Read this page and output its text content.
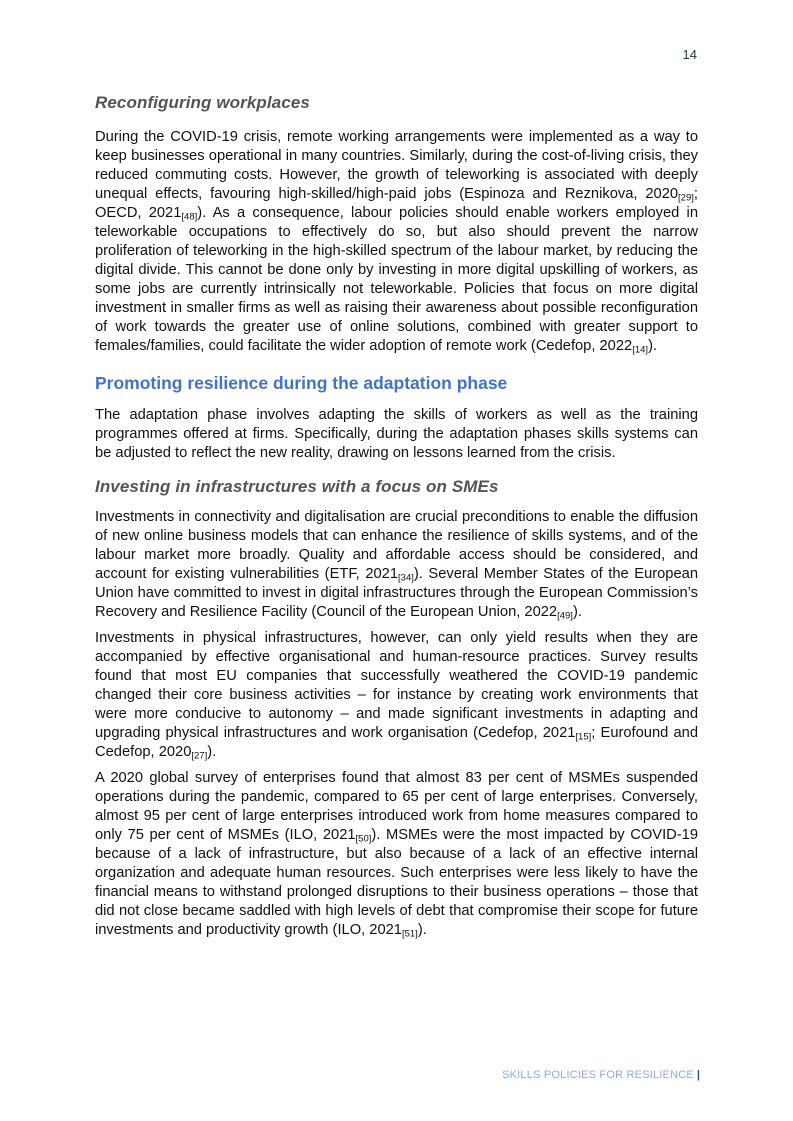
14
Reconfiguring workplaces

During the COVID-19 crisis, remote working arrangements were implemented as a way to keep businesses operational in many countries. Similarly, during the cost-of-living crisis, they reduced commuting costs. However, the growth of teleworking is associated with deeply unequal effects, favouring high-skilled/high-paid jobs (Espinoza and Reznikova, $2020_{[29]}$; OECD, $2021_{[48]}$). As a consequence, labour policies should enable workers employed in teleworkable occupations to effectively do so, but also should prevent the narrow proliferation of teleworking in the high-skilled spectrum of the labour market, by reducing the digital divide. This cannot be done only by investing in more digital upskilling of workers, as some jobs are currently intrinsically not teleworkable. Policies that focus on more digital investment in smaller firms as well as raising their awareness about possible reconfiguration of work towards the greater use of online solutions, combined with greater support to females/families, could facilitate the wider adoption of remote work (Cedefop, $2022_{[14]}$).

Promoting resilience during the adaptation phase

The adaptation phase involves adapting the skills of workers as well as the training programmes offered at firms. Specifically, during the adaptation phases skills systems can be adjusted to reflect the new reality, drawing on lessons learned from the crisis.

Investing in infrastructures with a focus on SMEs

Investments in connectivity and digitalisation are crucial preconditions to enable the diffusion of new online business models that can enhance the resilience of skills systems, and of the labour market more broadly. Quality and affordable access should be considered, and account for existing vulnerabilities (ETF, $2021_{[34]}$). Several Member States of the European Union have committed to invest in digital infrastructures through the European Commission’s Recovery and Resilience Facility (Council of the European Union, $2022_{[49]}$).

Investments in physical infrastructures, however, can only yield results when they are accompanied by effective organisational and human-resource practices. Survey results found that most EU companies that successfully weathered the COVID-19 pandemic changed their core business activities – for instance by creating work environments that were more conducive to autonomy – and made significant investments in adapting and upgrading physical infrastructures and work organisation (Cedefop, $2021_{[15]}$; Eurofound and Cedefop, $2020_{[27]}$).

A 2020 global survey of enterprises found that almost 83 per cent of MSMEs suspended operations during the pandemic, compared to 65 per cent of large enterprises. Conversely, almost 95 per cent of large enterprises introduced work from home measures compared to only 75 per cent of MSMEs (ILO, $2021_{[50]}$). MSMEs were the most impacted by COVID-19 because of a lack of infrastructure, but also because of a lack of an effective internal organization and adequate human resources. Such enterprises were less likely to have the financial means to withstand prolonged disruptions to their business operations – those that did not close became saddled with high levels of debt that compromise their scope for future investments and productivity growth (ILO, $2021_{[51]}$).

SKILLS POLICIES FOR RESILIENCE |
